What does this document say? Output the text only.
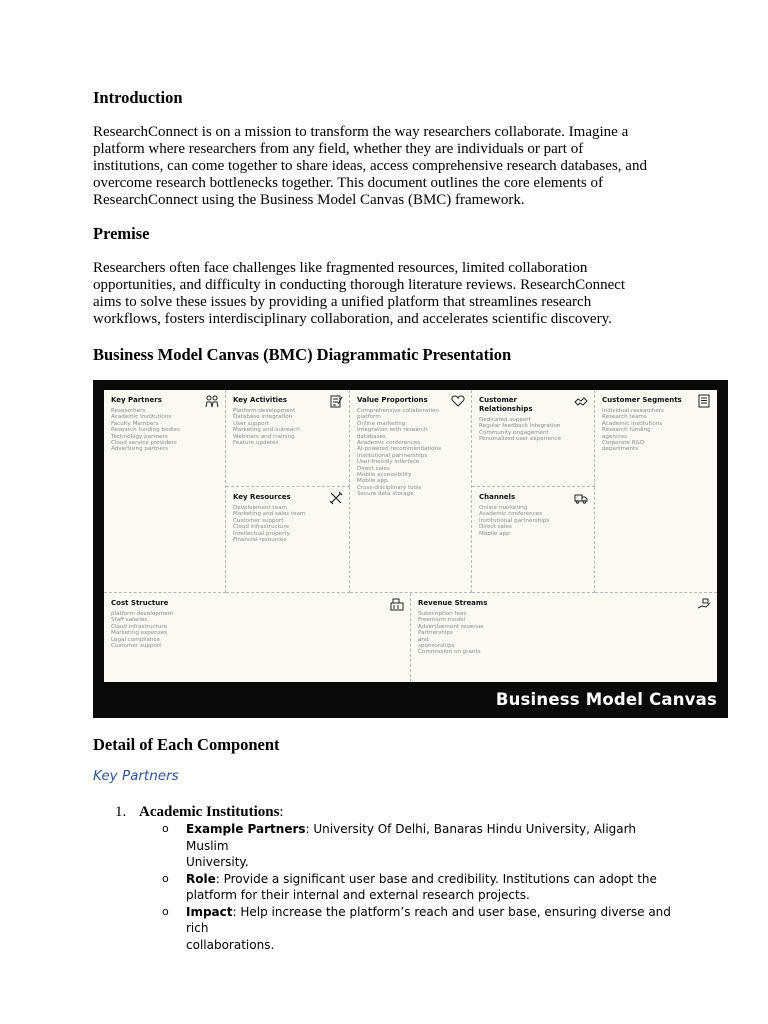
Introduction

ResearchConnect is on a mission to transform the way researchers collaborate. Imagine a
platform where researchers from any field, whether they are individuals or part of
institutions, can come together to share ideas, access comprehensive research databases, and
overcome research bottlenecks together. This document outlines the core elements of
ResearchConnect using the Business Model Canvas (BMC) framework.

Premise

Researchers often face challenges like fragmented resources, limited collaboration
opportunities, and difficulty in conducting thorough literature reviews. ResearchConnect
aims to solve these issues by providing a unified platform that streamlines research
workflows, fosters interdisciplinary collaboration, and accelerates scientific discovery.

Business Model Canvas (BMC) Diagrammatic Presentation
Key Partners
Researchers
Academic Institutions
Faculty Members
Research funding bodies
Technology partners
Cloud service providers
Advertising partners
Key Activities
Platform development
Database integration
User support
Marketing and outreach
Webinars and training
Feature updates
Key Resources
Development team
Marketing and sales team
Customer support
Cloud infrastructure
Intellectual property
Financial resources
Value Proportions
Comprehensive collaboration
platform
Online marketing
Integration with research
databases
Academic conferences
AI-powered recommendations
Institutional partnerships
User-friendly interface
Direct sales
Mobile accessibility
Mobile app
Cross-disciplinary tools
Secure data storage
Customer Relationships
Dedicated support
Regular feedback integration
Community engagement
Personalized user experience
Channels
Online marketing
Academic conferences
Institutional partnerships
Direct sales
Mobile app
Customer Segments
Individual researchers
Research teams
Academic institutions
Research funding
agencies
Corporate R&D
departments
Cost Structure
platform development
Staff salaries
Cloud infrastructure
Marketing expenses
Legal compliance
Customer support
Revenue Streams
Subscription fees
Freemium model
Advertisement revenue
Partnerships
and
sponsorships
Commission on grants
Business Model Canvas
Detail of Each Component
Key Partners
1. Academic Institutions:
o Example Partners: University Of Delhi, Banaras Hindu University, Aligarh Muslim
University.
o Role: Provide a significant user base and credibility. Institutions can adopt the
platform for their internal and external research projects.
o Impact: Help increase the platform’s reach and user base, ensuring diverse and rich
collaborations.
